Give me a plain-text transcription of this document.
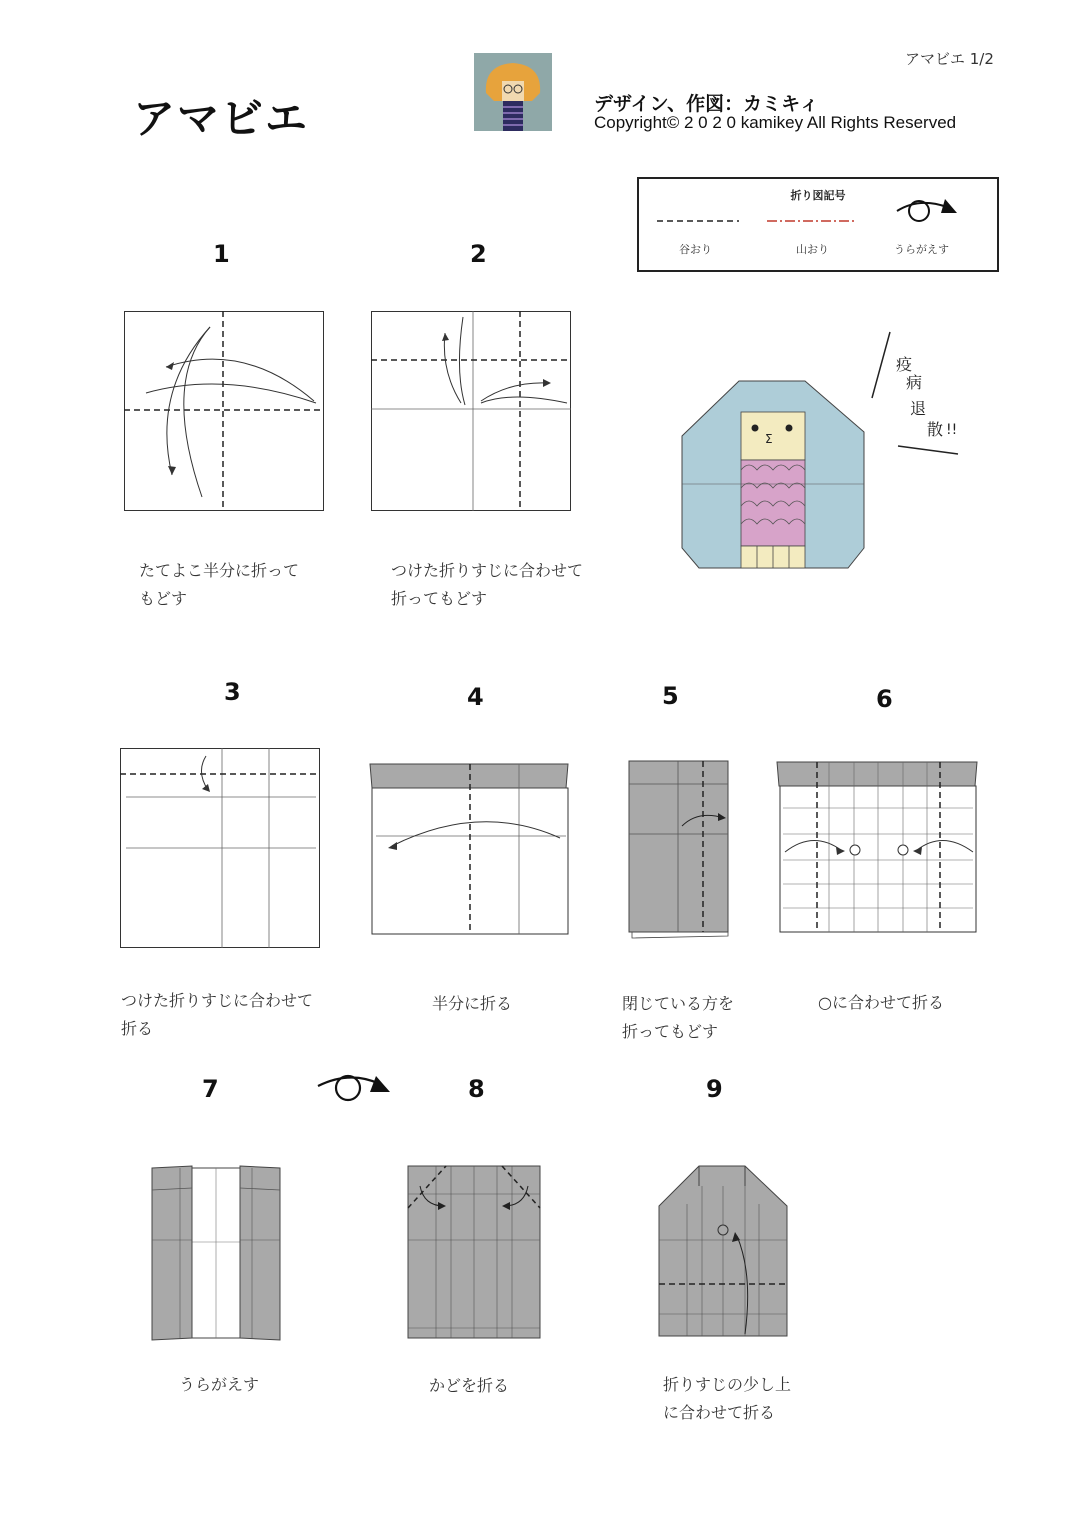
アマビエ
アマビエ 1/2
デザイン、作図：カミキィ
Copyright© 2 0 2 0 kamikey All Rights Reserved
折り図記号
谷おり	山おり	うらがえす
1	2
3	4	5	6
7	8	9
たてよこ半分に折って
もどす
つけた折りすじに合わせて
折ってもどす
つけた折りすじに合わせて
折る
半分に折る	閉じている方を
折ってもどす
○に合わせて折る
うらがえす	かどを折る	折りすじの少し上
に合わせて折る
Σ
疫
病
退
散 !!
